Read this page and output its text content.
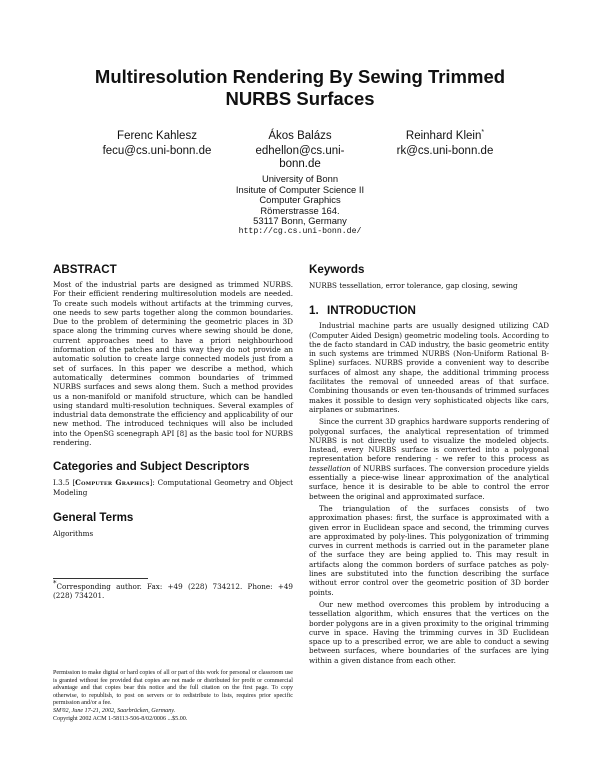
Multiresolution Rendering By Sewing Trimmed NURBS Surfaces
Ferenc Kahlesz
fecu@cs.uni-bonn.de
Ákos Balázs
edhellon@cs.uni-bonn.de
Reinhard Klein*
rk@cs.uni-bonn.de
University of Bonn
Insitute of Computer Science II
Computer Graphics
Römerstrasse 164.
53117 Bonn, Germany
http://cg.cs.uni-bonn.de/
ABSTRACT

Most of the industrial parts are designed as trimmed NURBS. For their efficient rendering multiresolution models are needed. To create such models without artifacts at the trimming curves, one needs to sew parts together along the common boundaries. Due to the problem of determining the geometric places in 3D space along the trimming curves where sewing should be done, current approaches need to have a priori neighbourhood information of the patches and this way they do not provide an automatic solution to create large connected models just from a set of surfaces. In this paper we describe a method, which automatically determines common boundaries of trimmed NURBS surfaces and sews along them. Such a method provides us a non-manifold or manifold structure, which can be handled using standard multi-resolution techniques. Several examples of industrial data demonstrate the efficiency and applicability of our new method. The introduced techniques will also be included into the OpenSG scenegraph API [8] as the basic tool for NURBS rendering.

Categories and Subject Descriptors

I.3.5 [Computer Graphics]: Computational Geometry and Object Modeling

General Terms

Algorithms

*Corresponding author. Fax: +49 (228) 734212. Phone: +49 (228) 734201.

Permission to make digital or hard copies of all or part of this work for personal or classroom use is granted without fee provided that copies are not made or distributed for profit or commercial advantage and that copies bear this notice and the full citation on the first page. To copy otherwise, to republish, to post on servers or to redistribute to lists, requires prior specific permission and/or a fee.
SM'02, June 17-21, 2002, Saarbrücken, Germany.
Copyright 2002 ACM 1-58113-506-8/02/0006 ...$5.00.
Keywords

NURBS tessellation, error tolerance, gap closing, sewing

1. INTRODUCTION

Industrial machine parts are usually designed utilizing CAD (Computer Aided Design) geometric modeling tools. According to the de facto standard in CAD industry, the basic geometric entity in such systems are trimmed NURBS (Non-Uniform Rational B-Spline) surfaces. NURBS provide a convenient way to describe surfaces of almost any shape, the additional trimming process facilitates the removal of unneeded areas of that surface. Combining thousands or even ten-thousands of trimmed surfaces makes it possible to design very sophisticated objects like cars, airplanes or submarines.

Since the current 3D graphics hardware supports rendering of polygonal surfaces, the analytical representation of trimmed NURBS is not directly used to visualize the modeled objects. Instead, every NURBS surface is converted into a polygonal representation before rendering - we refer to this process as tessellation of NURBS surfaces. The conversion procedure yields essentially a piece-wise linear approximation of the analytical surface, hence it is desirable to be able to control the error between the original and approximated surface.

The triangulation of the surfaces consists of two approximation phases: first, the surface is approximated with a given error in Euclidean space and second, the trimming curves are approximated by poly-lines. This polygonization of trimming curves in current methods is carried out in the parameter plane of the surface they are being applied to. This may result in artifacts along the common borders of surface patches as poly-lines are substituted into the function describing the surface without error control over the geometric position of 3D border points.

Our new method overcomes this problem by introducing a tessellation algorithm, which ensures that the vertices on the border polygons are in a given proximity to the original trimming curve in space. Having the trimming curves in 3D Euclidean space up to a prescribed error, we are able to conduct a sewing between surfaces, where boundaries of the surfaces are lying within a given distance from each other.
